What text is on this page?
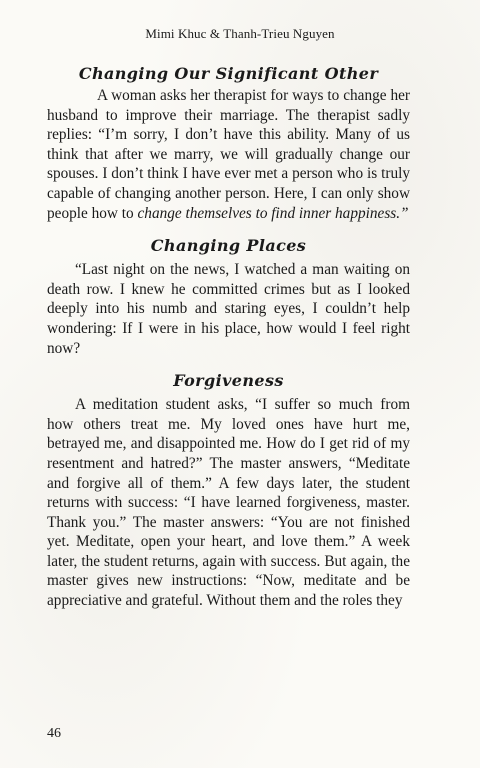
Mimi Khuc & Thanh-Trieu Nguyen
Changing Our Significant Other

A woman asks her therapist for ways to change her husband to improve their marriage. The therapist sadly replies: “I’m sorry, I don’t have this ability. Many of us think that after we marry, we will gradually change our spouses. I don’t think I have ever met a person who is truly capable of changing another person. Here, I can only show people how to change themselves to find inner happiness.”

Changing Places

“Last night on the news, I watched a man waiting on death row. I knew he committed crimes but as I looked deeply into his numb and staring eyes, I couldn’t help wondering: If I were in his place, how would I feel right now?

Forgiveness

A meditation student asks, “I suffer so much from how others treat me. My loved ones have hurt me, betrayed me, and disappointed me. How do I get rid of my resentment and hatred?” The master answers, “Meditate and forgive all of them.” A few days later, the student returns with success: “I have learned forgiveness, master. Thank you.” The master answers: “You are not finished yet. Meditate, open your heart, and love them.” A week later, the student returns, again with success. But again, the master gives new instructions: “Now, meditate and be appreciative and grateful. Without them and the roles they

46
